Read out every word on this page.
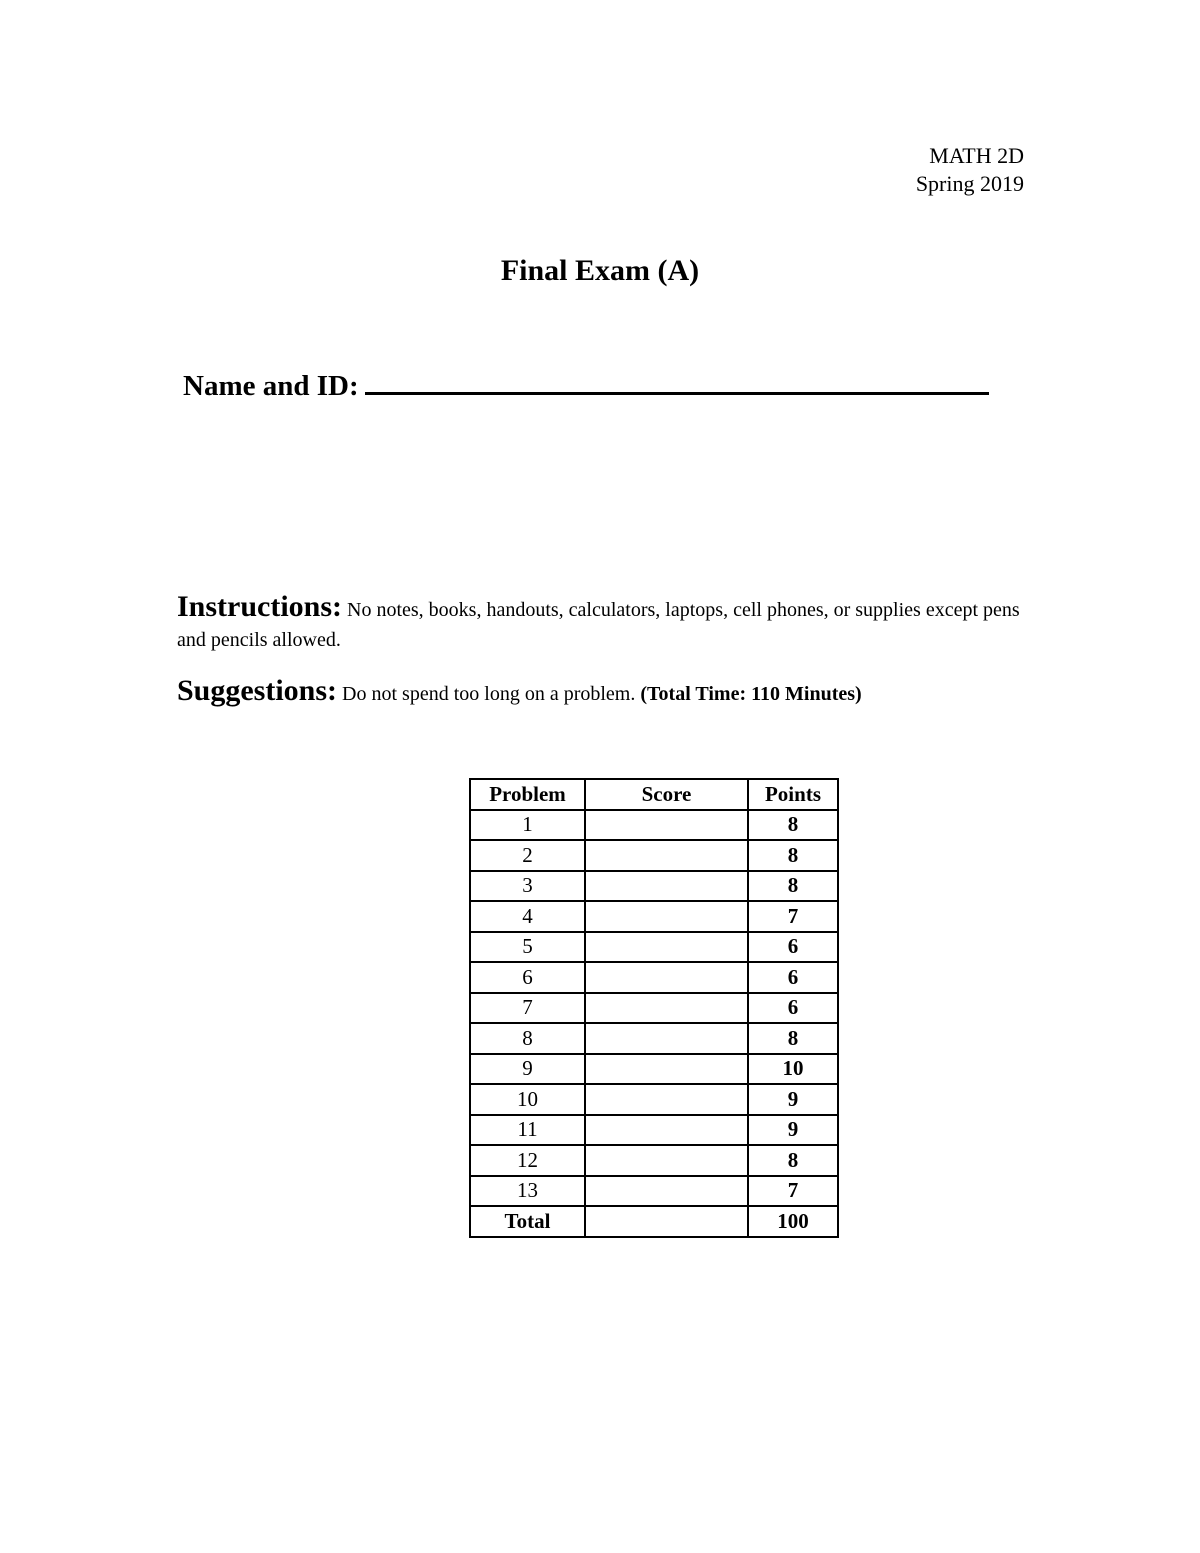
MATH 2D
Spring 2019
Final Exam (A)
Name and ID:
Instructions: No notes, books, handouts, calculators, laptops, cell phones, or supplies except pens and pencils allowed.
Suggestions: Do not spend too long on a problem. (Total Time: 110 Minutes)
Problem	Score	Points
1		8
2		8
3		8
4		7
5		6
6		6
7		6
8		8
9		10
10		9
11		9
12		8
13		7
Total		100
